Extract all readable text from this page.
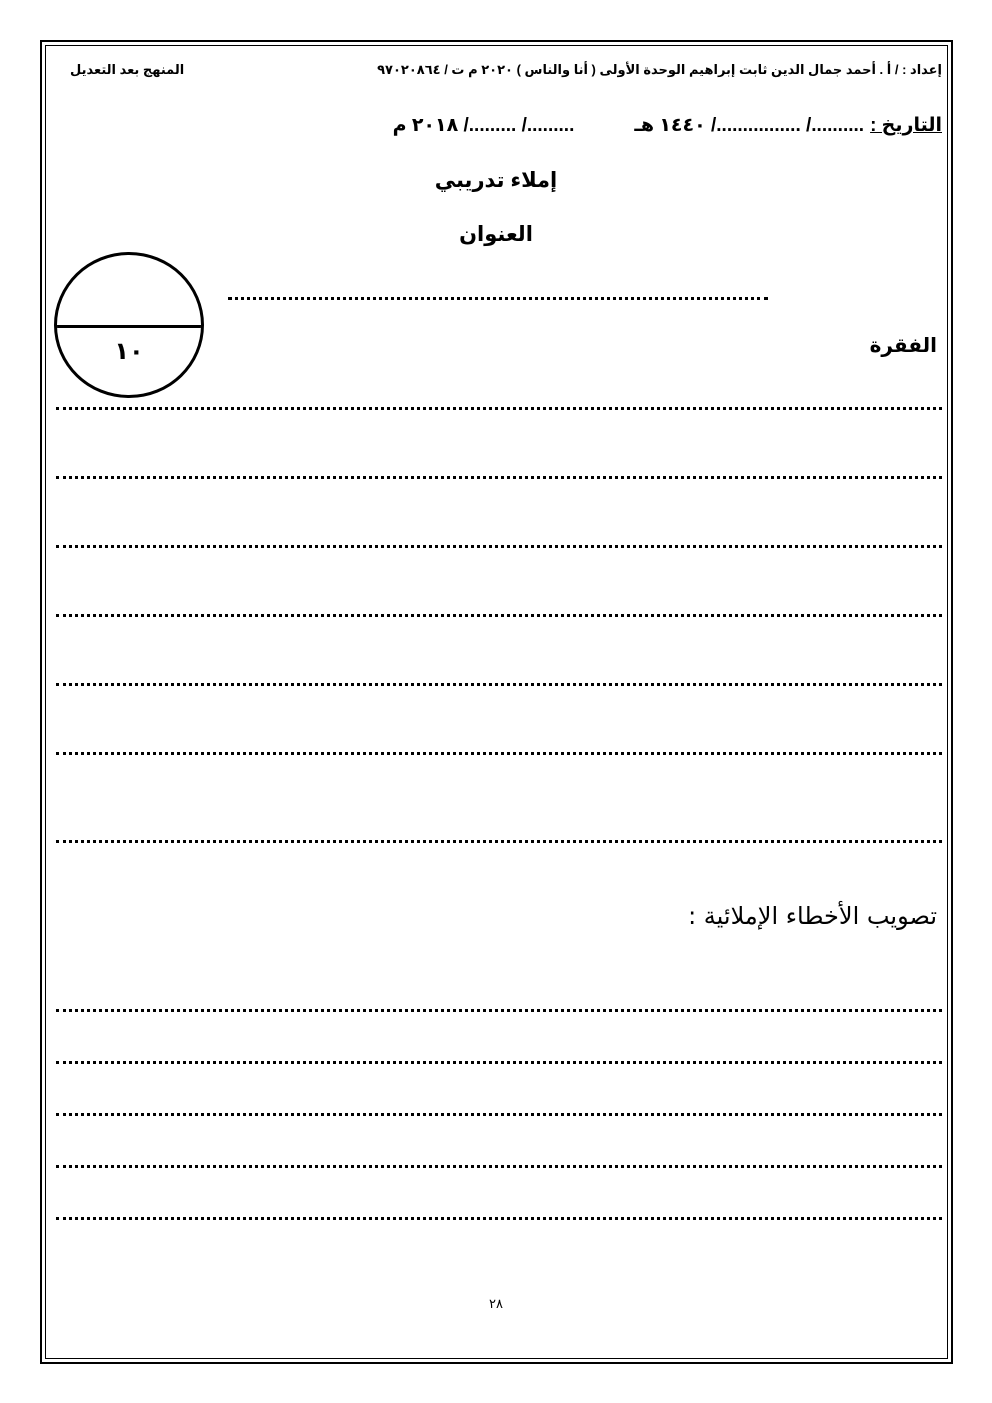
إعداد : / أ . أحمد جمال الدين ثابت إبراهيم الوحدة الأولى ( أنا والناس ) ٢٠٢٠ م ت / ٩٧٠٢٠٨٦٤
المنهج بعد التعديل
التاريخ :........../ ................/ ١٤٤٠ هـ........./ ........./ ٢٠١٨ م
إملاء تدريبي
العنوان
الفقرة
١٠
تصويب الأخطاء الإملائية :
٢٨
